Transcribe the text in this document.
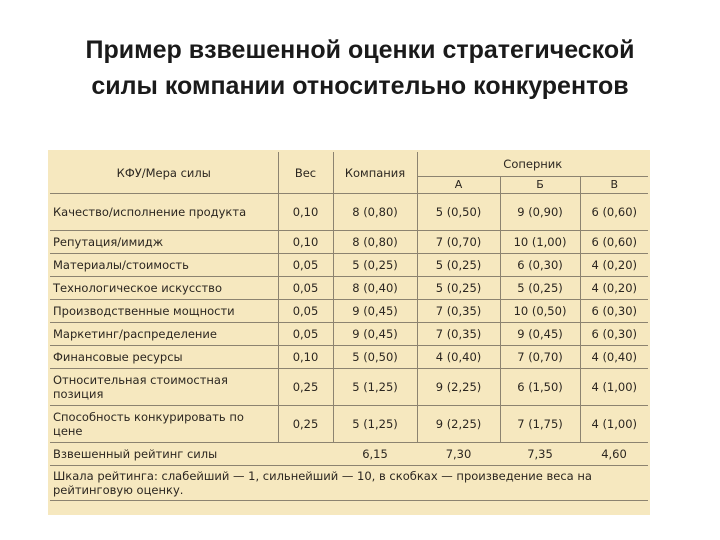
Пример взвешенной оценки стратегической
силы компании относительно конкурентов
КФУ/Мера силы	Вес	Компания	Соперник		
			А	Б	В
Качество/исполнение продукта	0,10	8 (0,80)	5 (0,50)	9 (0,90)	6 (0,60)
Репутация/имидж	0,10	8 (0,80)	7 (0,70)	10 (1,00)	6 (0,60)
Материалы/стоимость	0,05	5 (0,25)	5 (0,25)	6 (0,30)	4 (0,20)
Технологическое искусство	0,05	8 (0,40)	5 (0,25)	5 (0,25)	4 (0,20)
Производственные мощности	0,05	9 (0,45)	7 (0,35)	10 (0,50)	6 (0,30)
Маркетинг/распределение	0,05	9 (0,45)	7 (0,35)	9 (0,45)	6 (0,30)
Финансовые ресурсы	0,10	5 (0,50)	4 (0,40)	7 (0,70)	4 (0,40)
Относительная стоимостная позиция	0,25	5 (1,25)	9 (2,25)	6 (1,50)	4 (1,00)
Способность конкурировать по цене	0,25	5 (1,25)	9 (2,25)	7 (1,75)	4 (1,00)
Взвешенный рейтинг силы		6,15	7,30	7,35	4,60
Шкала рейтинга: слабейший — 1, сильнейший — 10, в скобках — произведение веса на рейтинговую оценку.					
